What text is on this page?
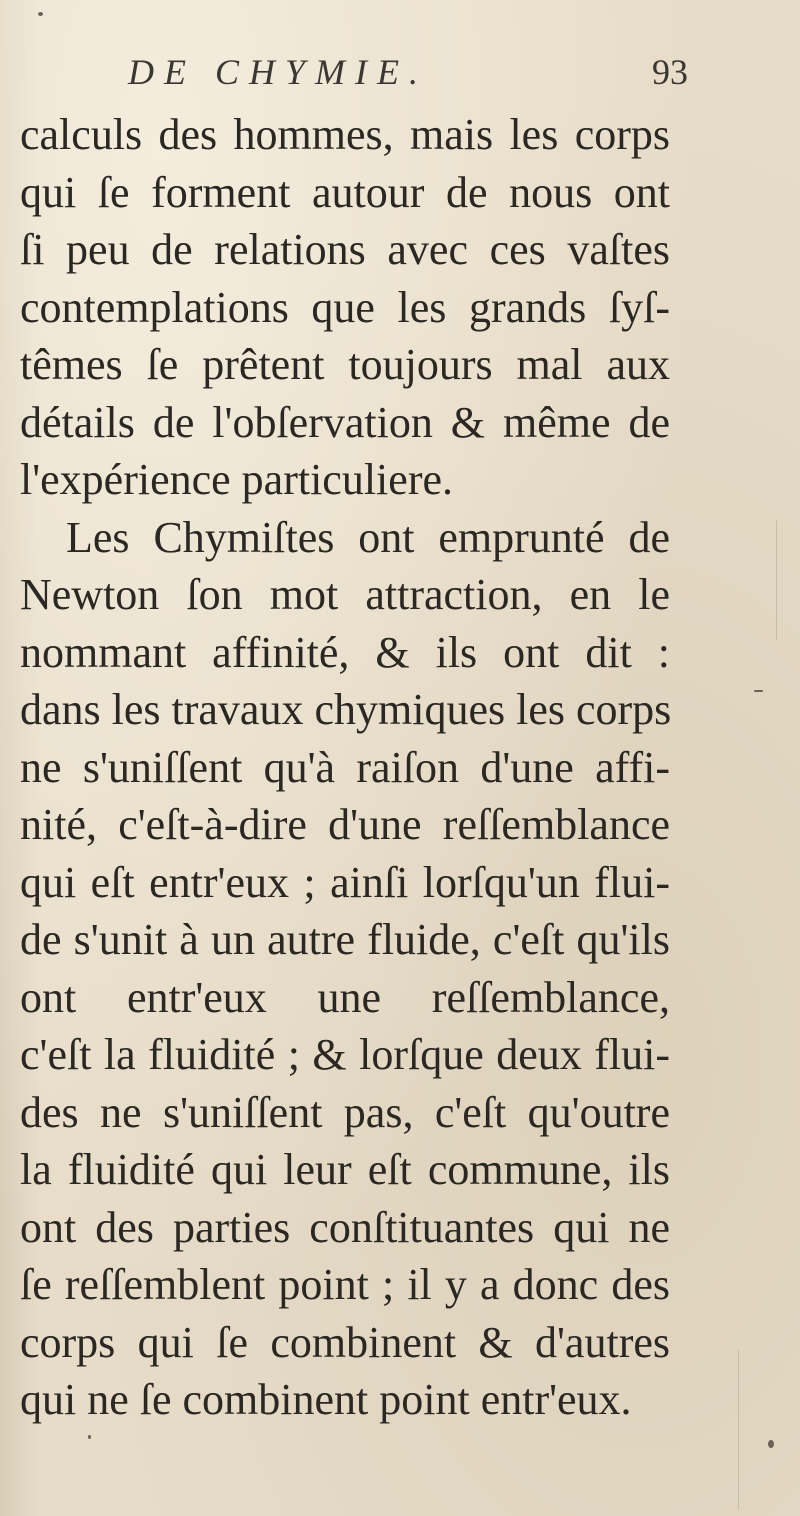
DE CHYMIE.	93
calculs des hommes, mais les corps
qui ſe forment autour de nous ont
ſi peu de relations avec ces vaſtes
contemplations que les grands ſyſ-
têmes ſe prêtent toujours mal aux
détails de l'obſervation & même de
l'expérience particuliere.
Les Chymiſtes ont emprunté de
Newton ſon mot attraction, en le
nommant affinité, & ils ont dit :
dans les travaux chymiques les corps
ne s'uniſſent qu'à raiſon d'une affi-
nité, c'eſt-à-dire d'une reſſemblance
qui eſt entr'eux ; ainſi lorſqu'un flui-
de s'unit à un autre fluide, c'eſt qu'ils
ont entr'eux une reſſemblance,
c'eſt la fluidité ; & lorſque deux flui-
des ne s'uniſſent pas, c'eſt qu'outre
la fluidité qui leur eſt commune, ils
ont des parties conſtituantes qui ne
ſe reſſemblent point ; il y a donc des
corps qui ſe combinent & d'autres
qui ne ſe combinent point entr'eux.
